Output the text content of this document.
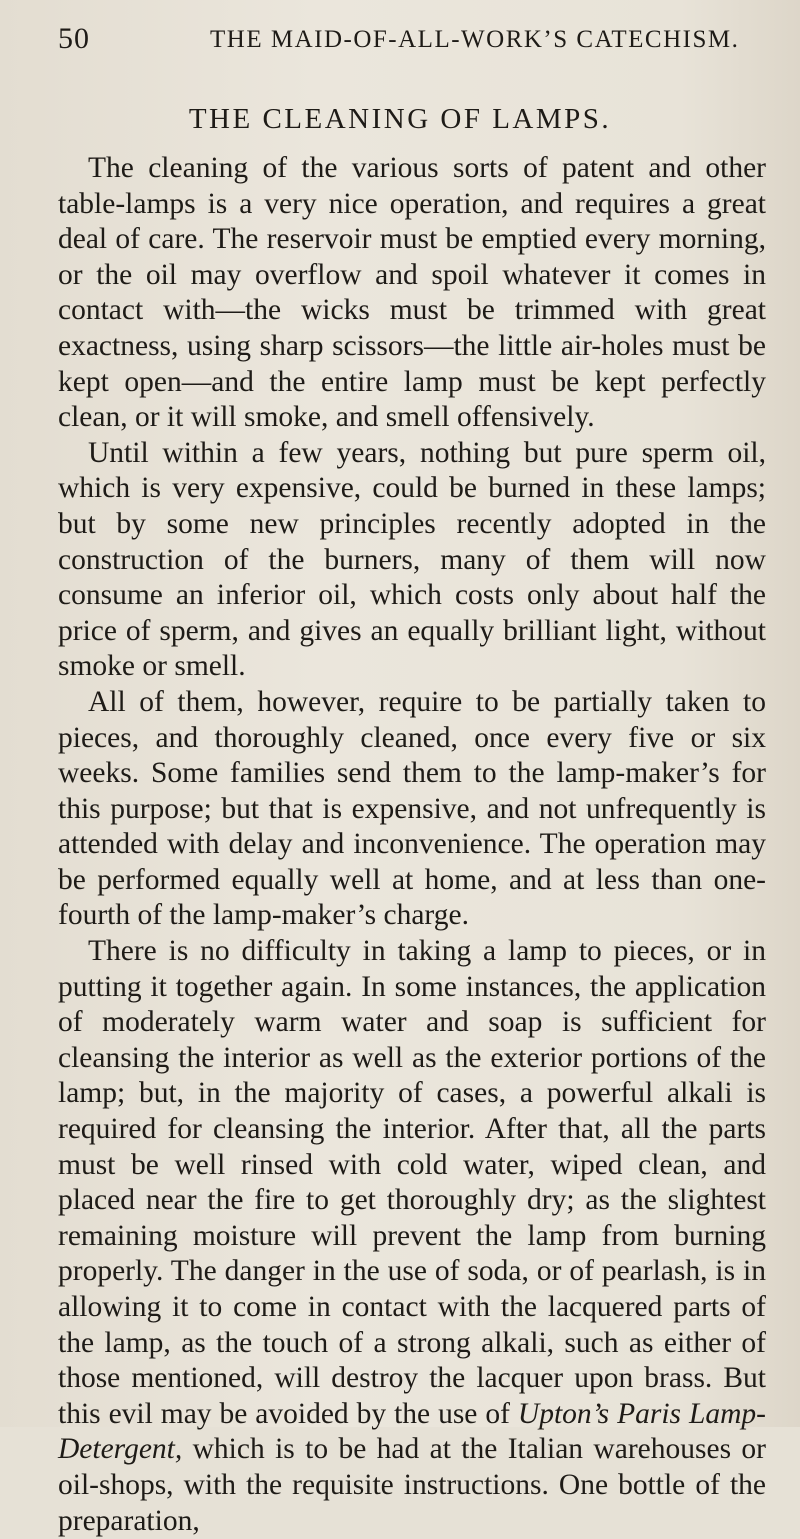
50	THE MAID-OF-ALL-WORK’S CATECHISM.
THE CLEANING OF LAMPS.

The cleaning of the various sorts of patent and other table-lamps is a very nice operation, and requires a great deal of care. The reservoir must be emptied every morning, or the oil may overflow and spoil whatever it comes in contact with—the wicks must be trimmed with great exactness, using sharp scissors—the little air-holes must be kept open—and the entire lamp must be kept perfectly clean, or it will smoke, and smell offensively.

Until within a few years, nothing but pure sperm oil, which is very expensive, could be burned in these lamps; but by some new principles recently adopted in the construction of the burners, many of them will now consume an inferior oil, which costs only about half the price of sperm, and gives an equally brilliant light, without smoke or smell.

All of them, however, require to be partially taken to pieces, and thoroughly cleaned, once every five or six weeks. Some families send them to the lamp-maker’s for this purpose; but that is expensive, and not unfrequently is attended with delay and inconvenience. The operation may be performed equally well at home, and at less than one-fourth of the lamp-maker’s charge.

There is no difficulty in taking a lamp to pieces, or in putting it together again. In some instances, the application of moderately warm water and soap is sufficient for cleansing the interior as well as the exterior portions of the lamp; but, in the majority of cases, a powerful alkali is required for cleansing the interior. After that, all the parts must be well rinsed with cold water, wiped clean, and placed near the fire to get thoroughly dry; as the slightest remaining moisture will prevent the lamp from burning properly. The danger in the use of soda, or of pearlash, is in allowing it to come in contact with the lacquered parts of the lamp, as the touch of a strong alkali, such as either of those mentioned, will destroy the lacquer upon brass. But this evil may be avoided by the use of Upton’s Paris Lamp-Detergent, which is to be had at the Italian warehouses or oil-shops, with the requisite instructions. One bottle of the preparation,
